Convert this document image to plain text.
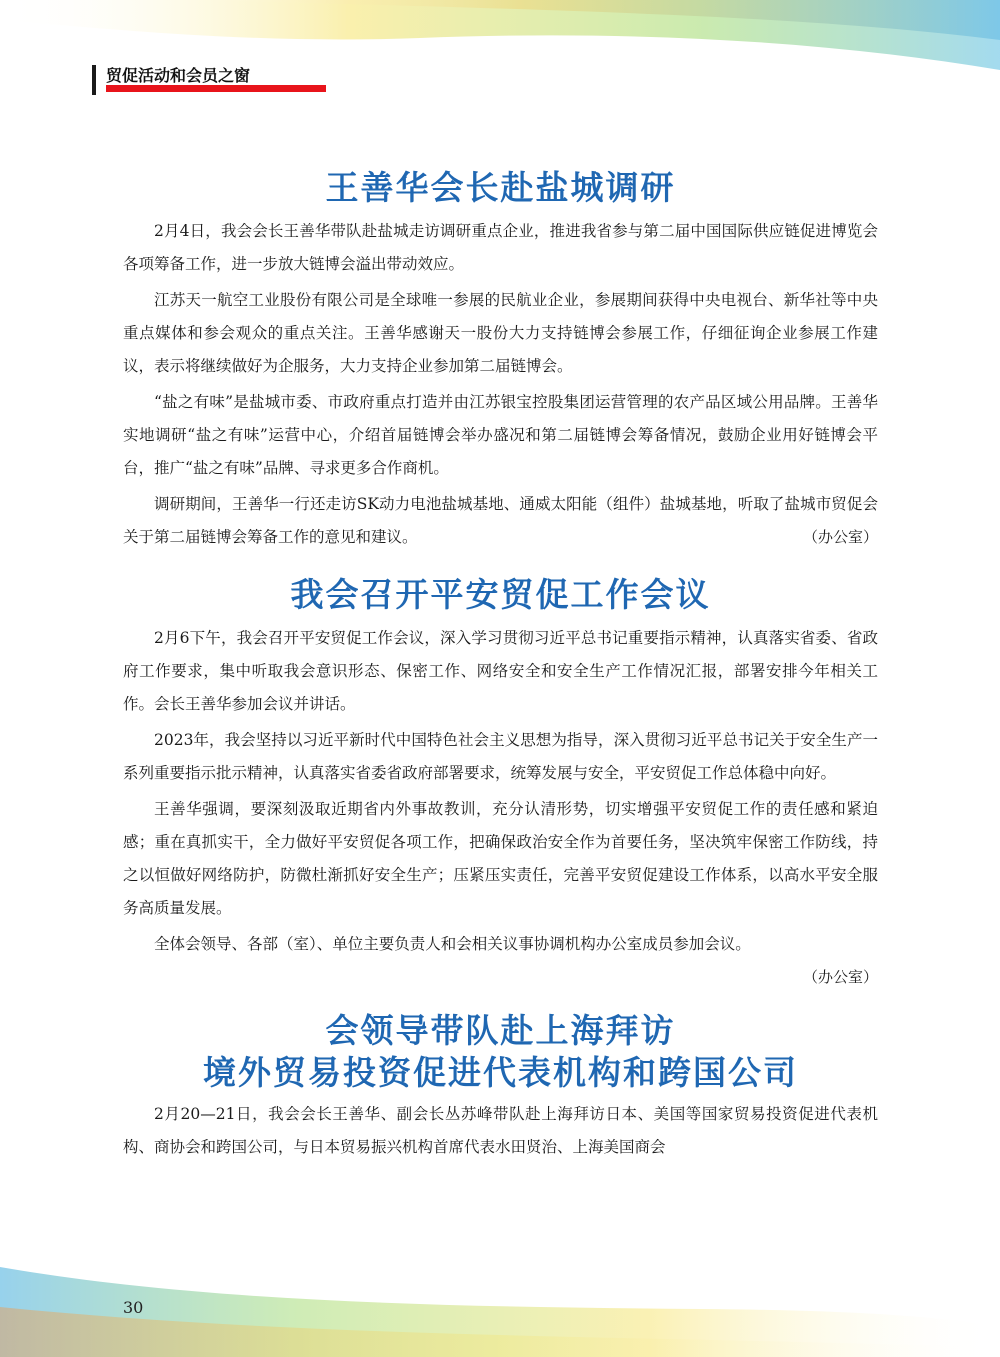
贸促活动和会员之窗
王善华会长赴盐城调研

2月4日，我会会长王善华带队赴盐城走访调研重点企业，推进我省参与第二届中国国际供应链促进博览会各项筹备工作，进一步放大链博会溢出带动效应。

江苏天一航空工业股份有限公司是全球唯一参展的民航业企业，参展期间获得中央电视台、新华社等中央重点媒体和参会观众的重点关注。王善华感谢天一股份大力支持链博会参展工作，仔细征询企业参展工作建议，表示将继续做好为企服务，大力支持企业参加第二届链博会。

“盐之有味”是盐城市委、市政府重点打造并由江苏银宝控股集团运营管理的农产品区域公用品牌。王善华实地调研“盐之有味”运营中心，介绍首届链博会举办盛况和第二届链博会筹备情况，鼓励企业用好链博会平台，推广“盐之有味”品牌、寻求更多合作商机。

调研期间，王善华一行还走访SK动力电池盐城基地、通威太阳能（组件）盐城基地，听取了盐城市贸促会关于第二届链博会筹备工作的意见和建议。	（办公室）

我会召开平安贸促工作会议

2月6下午，我会召开平安贸促工作会议，深入学习贯彻习近平总书记重要指示精神，认真落实省委、省政府工作要求，集中听取我会意识形态、保密工作、网络安全和安全生产工作情况汇报，部署安排今年相关工作。会长王善华参加会议并讲话。

2023年，我会坚持以习近平新时代中国特色社会主义思想为指导，深入贯彻习近平总书记关于安全生产一系列重要指示批示精神，认真落实省委省政府部署要求，统筹发展与安全，平安贸促工作总体稳中向好。

王善华强调，要深刻汲取近期省内外事故教训，充分认清形势，切实增强平安贸促工作的责任感和紧迫感；重在真抓实干，全力做好平安贸促各项工作，把确保政治安全作为首要任务，坚决筑牢保密工作防线，持之以恒做好网络防护，防微杜渐抓好安全生产；压紧压实责任，完善平安贸促建设工作体系，以高水平安全服务高质量发展。

全体会领导、各部（室）、单位主要负责人和会相关议事协调机构办公室成员参加会议。

（办公室）

会领导带队赴上海拜访
境外贸易投资促进代表机构和跨国公司

2月20—21日，我会会长王善华、副会长丛苏峰带队赴上海拜访日本、美国等国家贸易投资促进代表机构、商协会和跨国公司，与日本贸易振兴机构首席代表水田贤治、上海美国商会

30
